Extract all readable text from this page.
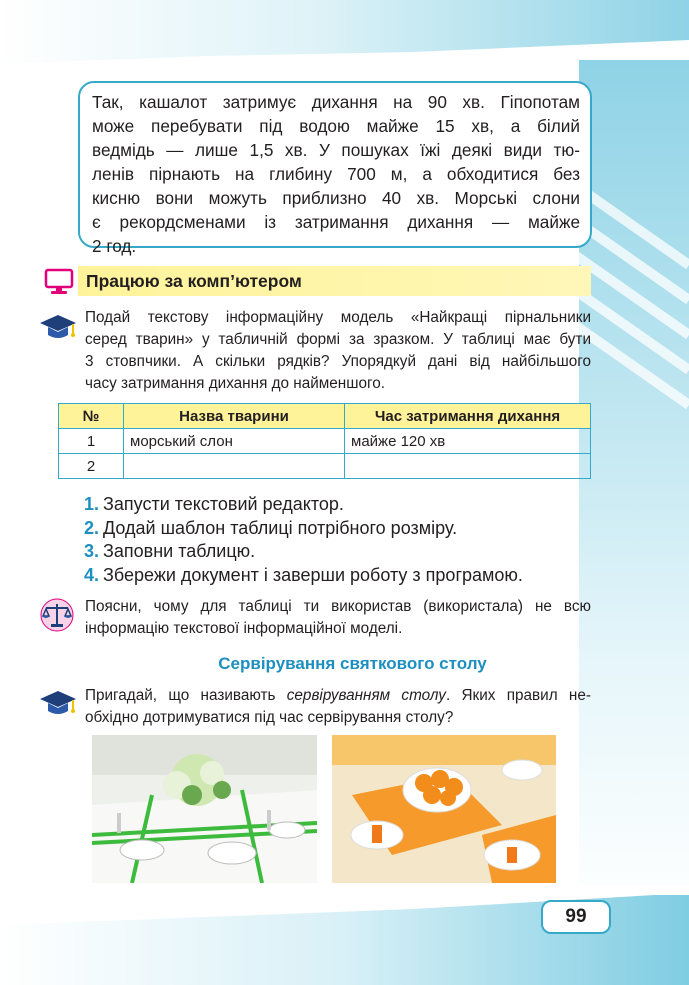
Так, кашалот затримує дихання на 90 хв. Гіпопотам
може перебувати під водою майже 15 хв, а білий
ведмідь — лише 1,5 хв. У пошуках їжі деякі види тю-
ленів пірнають на глибину 700 м, а обходитися без
кисню вони можуть приблизно 40 хв. Морські слони
є рекордсменами із затримання дихання — майже
2 год.
Працюю за комп’ютером
Подай текстову інформаційну модель «Найкращі пірнальники
серед тварин» у табличній формі за зразком. У таблиці має бути
3 стовпчики. А скільки рядків? Упорядкуй дані від найбільшого
часу затримання дихання до найменшого.
№	Назва тварини	Час затримання дихання
1	морський слон	майже 120 хв
2		
1. Запусти текстовий редактор.
2. Додай шаблон таблиці потрібного розміру.
3. Заповни таблицю.
4. Збережи документ і заверши роботу з програмою.
Поясни, чому для таблиці ти використав (використала) не всю
інформацію текстової інформаційної моделі.
Сервірування святкового столу
Пригадай, що називають сервіруванням столу. Яких правил не-
обхідно дотримуватися під час сервірування столу?
99
